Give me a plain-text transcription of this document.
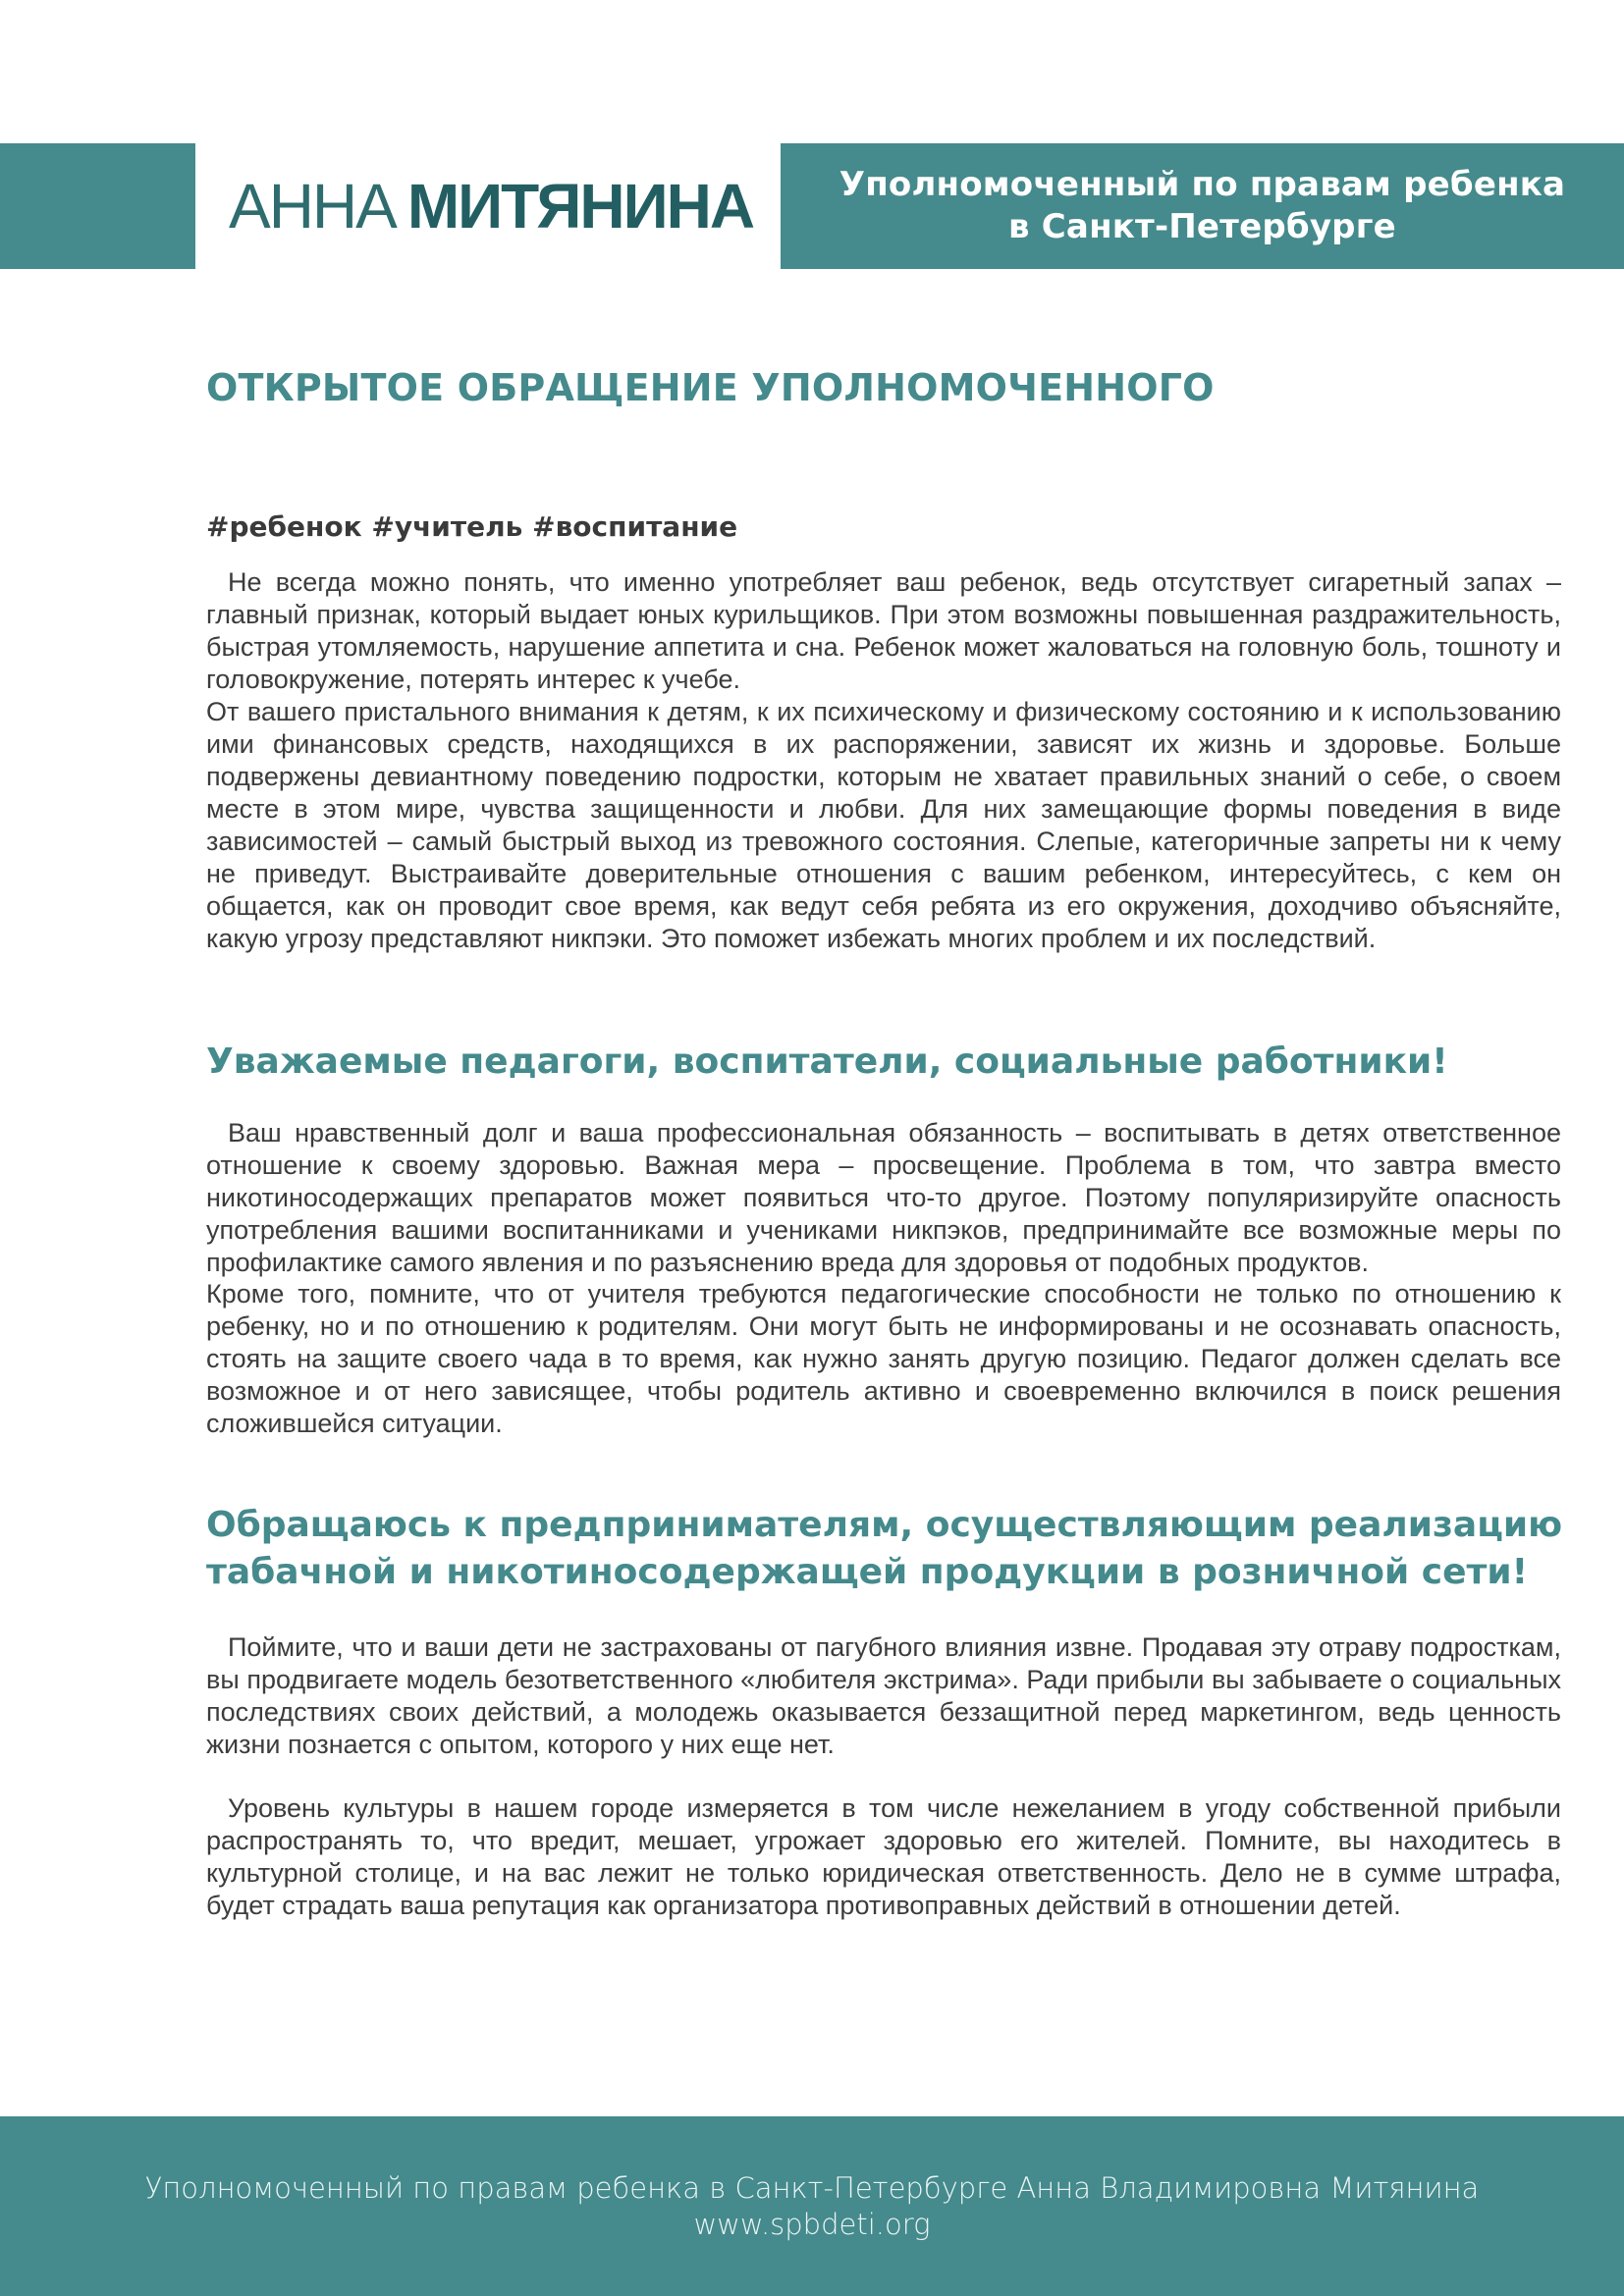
АННА МИТЯНИНА	Уполномоченный по правам ребенка
в Санкт-Петербурге
ОТКРЫТОЕ ОБРАЩЕНИЕ УПОЛНОМОЧЕННОГО
#ребенок #учитель #воспитание

Не всегда можно понять, что именно употребляет ваш ребенок, ведь отсутствует сигаретный запах – главный признак, который выдает юных курильщиков. При этом возможны повышенная раздражительность, быстрая утомляемость, нарушение аппетита и сна. Ребенок может жаловаться на головную боль, тошноту и головокружение, потерять интерес к учебе.

От вашего пристального внимания к детям, к их психическому и физическому состоянию и к использованию ими финансовых средств, находящихся в их распоряжении, зависят их жизнь и здоровье. Больше подвержены девиантному поведению подростки, которым не хватает правильных знаний о себе, о своем месте в этом мире, чувства защищенности и любви. Для них замещающие формы поведения в виде зависимостей – самый быстрый выход из тревожного состояния. Слепые, категоричные запреты ни к чему не приведут. Выстраивайте доверительные отношения с вашим ребенком, интересуйтесь, с кем он общается, как он проводит свое время, как ведут себя ребята из его окружения, доходчиво объясняйте, какую угрозу представляют никпэки. Это поможет избежать многих проблем и их последствий.

Уважаемые педагоги, воспитатели, социальные работники!

Ваш нравственный долг и ваша профессиональная обязанность – воспитывать в детях ответственное отношение к своему здоровью. Важная мера – просвещение. Проблема в том, что завтра вместо никотиносодержащих препаратов может появиться что-то другое. Поэтому популяризируйте опасность употребления вашими воспитанниками и учениками никпэков, предпринимайте все возможные меры по профилактике самого явления и по разъяснению вреда для здоровья от подобных продуктов.

Кроме того, помните, что от учителя требуются педагогические способности не только по отношению к ребенку, но и по отношению к родителям. Они могут быть не информированы и не осознавать опасность, стоять на защите своего чада в то время, как нужно занять другую позицию. Педагог должен сделать все возможное и от него зависящее, чтобы родитель активно и своевременно включился в поиск решения сложившейся ситуации.

Обращаюсь к предпринимателям, осуществляющим реализацию
табачной и никотиносодержащей продукции в розничной сети!

Поймите, что и ваши дети не застрахованы от пагубного влияния извне. Продавая эту отраву подросткам, вы продвигаете модель безответственного «любителя экстрима». Ради прибыли вы забываете о социальных последствиях своих действий, а молодежь оказывается беззащитной перед маркетингом, ведь ценность жизни познается с опытом, которого у них еще нет.

Уровень культуры в нашем городе измеряется в том числе нежеланием в угоду собственной прибыли распространять то, что вредит, мешает, угрожает здоровью его жителей. Помните, вы находитесь в культурной столице, и на вас лежит не только юридическая ответственность. Дело не в сумме штрафа, будет страдать ваша репутация как организатора противоправных действий в отношении детей.

Уполномоченный по правам ребенка в Санкт-Петербурге Анна Владимировна Митянина
www.spbdeti.org
